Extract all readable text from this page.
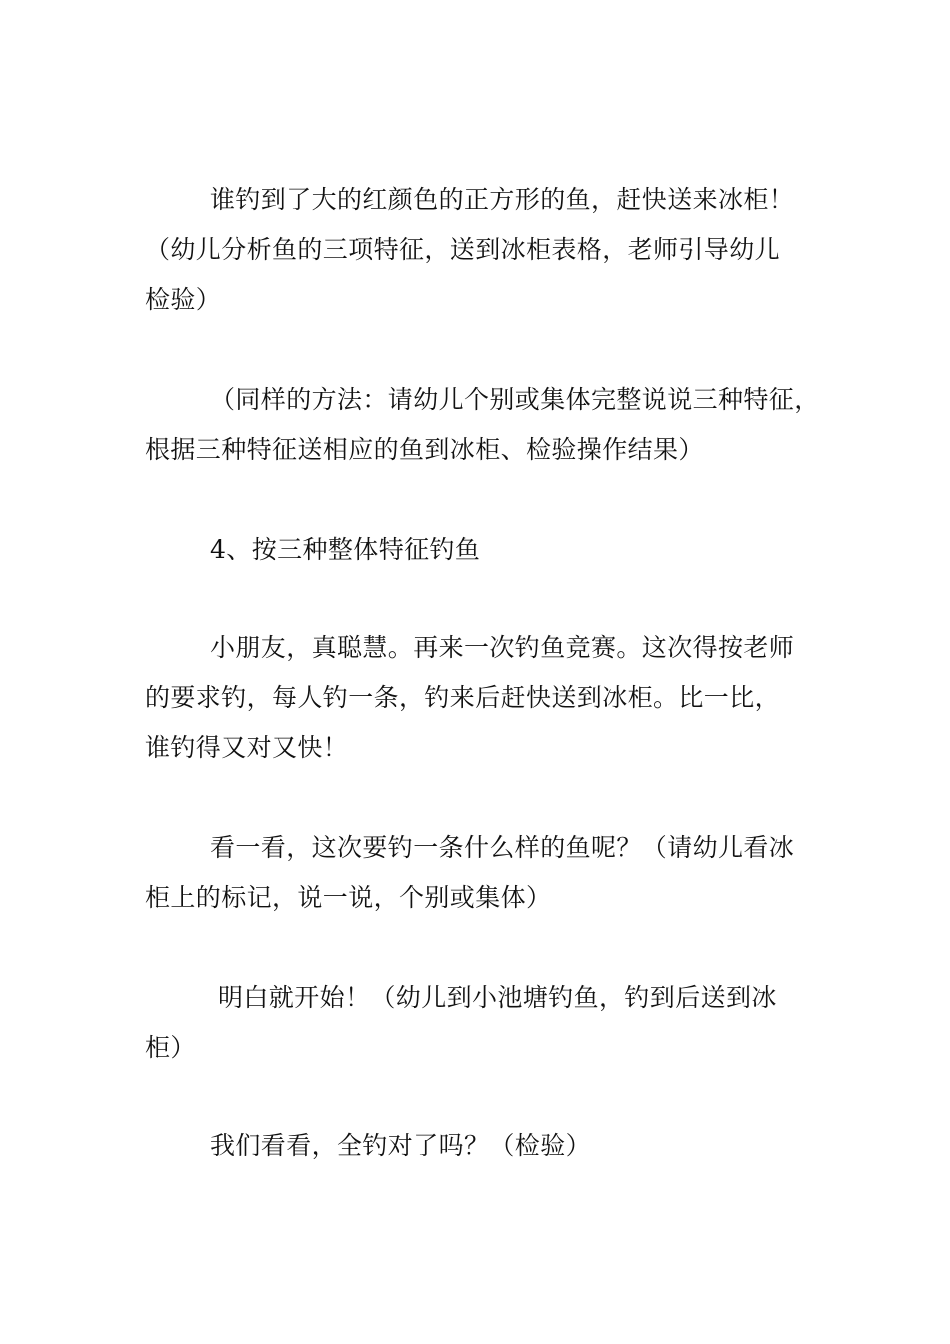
谁钓到了大的红颜色的正方形的鱼，赶快送来冰柜！
（幼儿分析鱼的三项特征，送到冰柜表格，老师引导幼儿
检验）
（同样的方法：请幼儿个别或集体完整说说三种特征，
根据三种特征送相应的鱼到冰柜、检验操作结果）
4、按三种整体特征钓鱼
小朋友，真聪慧。再来一次钓鱼竞赛。这次得按老师
的要求钓，每人钓一条，钓来后赶快送到冰柜。比一比，
谁钓得又对又快！
看一看，这次要钓一条什么样的鱼呢？（请幼儿看冰
柜上的标记，说一说，个别或集体）
明白就开始！（幼儿到小池塘钓鱼，钓到后送到冰
柜）
我们看看，全钓对了吗？（检验）
